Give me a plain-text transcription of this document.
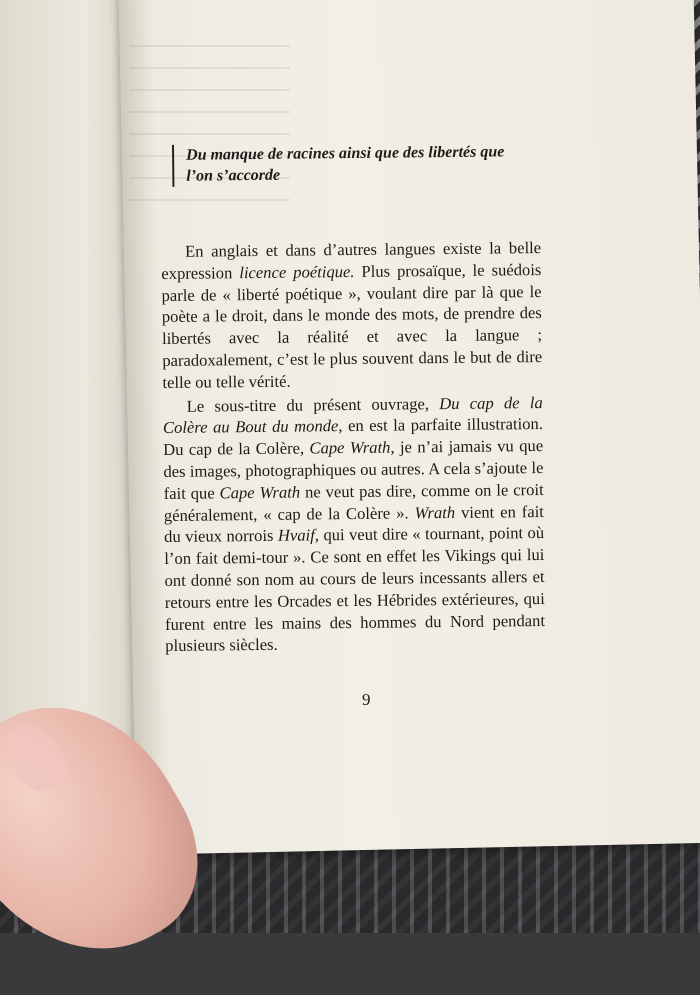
Du manque de racines ainsi que des libertés que l’on s’accorde

En anglais et dans d’autres langues existe la belle expression licence poétique. Plus prosaïque, le suédois parle de « liberté poétique », voulant dire par là que le poète a le droit, dans le monde des mots, de prendre des libertés avec la réalité et avec la langue ; paradoxalement, c’est le plus souvent dans le but de dire telle ou telle vérité.

Le sous-titre du présent ouvrage, Du cap de la Colère au Bout du monde, en est la parfaite illustration. Du cap de la Colère, Cape Wrath, je n’ai jamais vu que des images, photographiques ou autres. A cela s’ajoute le fait que Cape Wrath ne veut pas dire, comme on le croit généralement, « cap de la Colère ». Wrath vient en fait du vieux norrois Hvaif, qui veut dire « tournant, point où l’on fait demi-tour ». Ce sont en effet les Vikings qui lui ont donné son nom au cours de leurs incessants allers et retours entre les Orcades et les Hébrides extérieures, qui furent entre les mains des hommes du Nord pendant plusieurs siècles.

9
